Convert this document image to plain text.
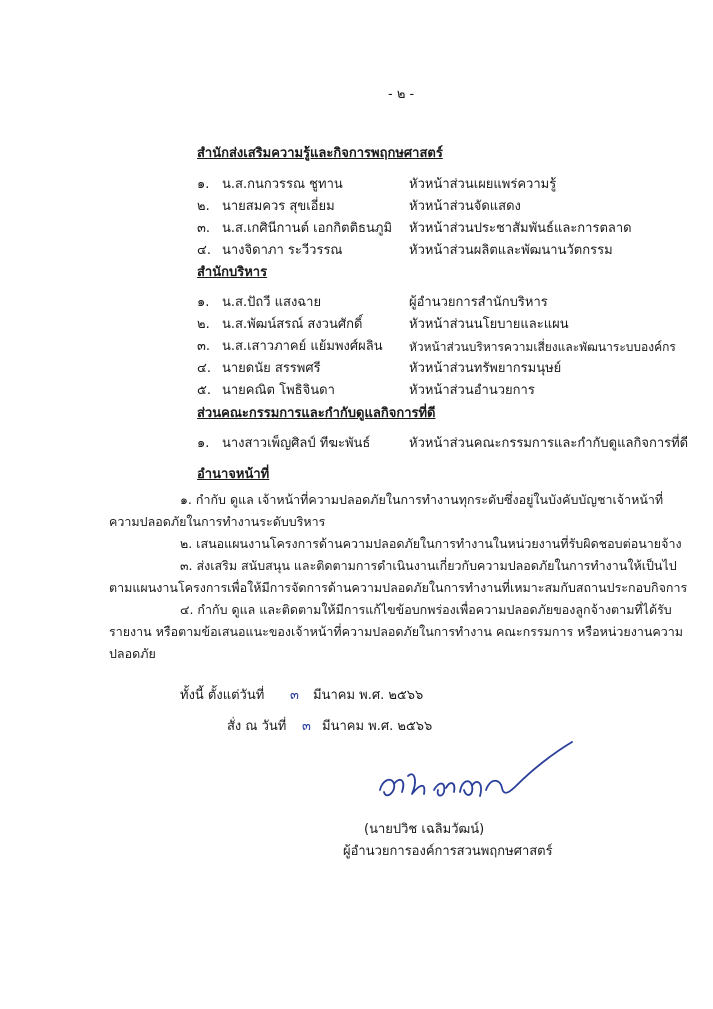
- ๒ -
สำนักส่งเสริมความรู้และกิจการพฤกษศาสตร์
๑. น.ส.กนกวรรณ ชูทาน	หัวหน้าส่วนเผยแพร่ความรู้
๒. นายสมควร สุขเอี่ยม	หัวหน้าส่วนจัดแสดง
๓. น.ส.เกศินีกานต์ เอกกิตติธนภูมิ หัวหน้าส่วนประชาสัมพันธ์และการตลาด
๔. นางจิดาภา ระวีวรรณ	หัวหน้าส่วนผลิตและพัฒนานวัตกรรม
สำนักบริหาร
๑. น.ส.ปัถวี แสงฉาย	ผู้อำนวยการสำนักบริหาร
๒. น.ส.พัฒน์สรณ์ สงวนศักดิ์	หัวหน้าส่วนนโยบายและแผน
๓. น.ส.เสาวภาคย์ แย้มพงศ์ผลิน หัวหน้าส่วนบริหารความเสี่ยงและพัฒนาระบบองค์กร
๔. นายดนัย สรรพศรี	หัวหน้าส่วนทรัพยากรมนุษย์
๕. นายคณิต โพธิจินดา	หัวหน้าส่วนอำนวยการ
ส่วนคณะกรรมการและกำกับดูแลกิจการที่ดี
๑. นางสาวเพ็ญศิลป์ ทีฆะพันธ์	หัวหน้าส่วนคณะกรรมการและกำกับดูแลกิจการที่ดี
อำนาจหน้าที่
๑. กำกับ ดูแล เจ้าหน้าที่ความปลอดภัยในการทำงานทุกระดับซึ่งอยู่ในบังคับบัญชาเจ้าหน้าที่
ความปลอดภัยในการทำงานระดับบริหาร
๒. เสนอแผนงานโครงการด้านความปลอดภัยในการทำงานในหน่วยงานที่รับผิดชอบต่อนายจ้าง
๓. ส่งเสริม สนับสนุน และติดตามการดำเนินงานเกี่ยวกับความปลอดภัยในการทำงานให้เป็นไป
ตามแผนงานโครงการเพื่อให้มีการจัดการด้านความปลอดภัยในการทำงานที่เหมาะสมกับสถานประกอบกิจการ
๔. กำกับ ดูแล และติดตามให้มีการแก้ไขข้อบกพร่องเพื่อความปลอดภัยของลูกจ้างตามที่ได้รับ
รายงาน หรือตามข้อเสนอแนะของเจ้าหน้าที่ความปลอดภัยในการทำงาน คณะกรรมการ หรือหน่วยงานความ
ปลอดภัย
ทั้งนี้ ตั้งแต่วันที่ ๓ มีนาคม พ.ศ. ๒๕๖๖
สั่ง ณ วันที่ ๓ มีนาคม พ.ศ. ๒๕๖๖
(นายปวิช เฉลิมวัฒน์)
ผู้อำนวยการองค์การสวนพฤกษศาสตร์
